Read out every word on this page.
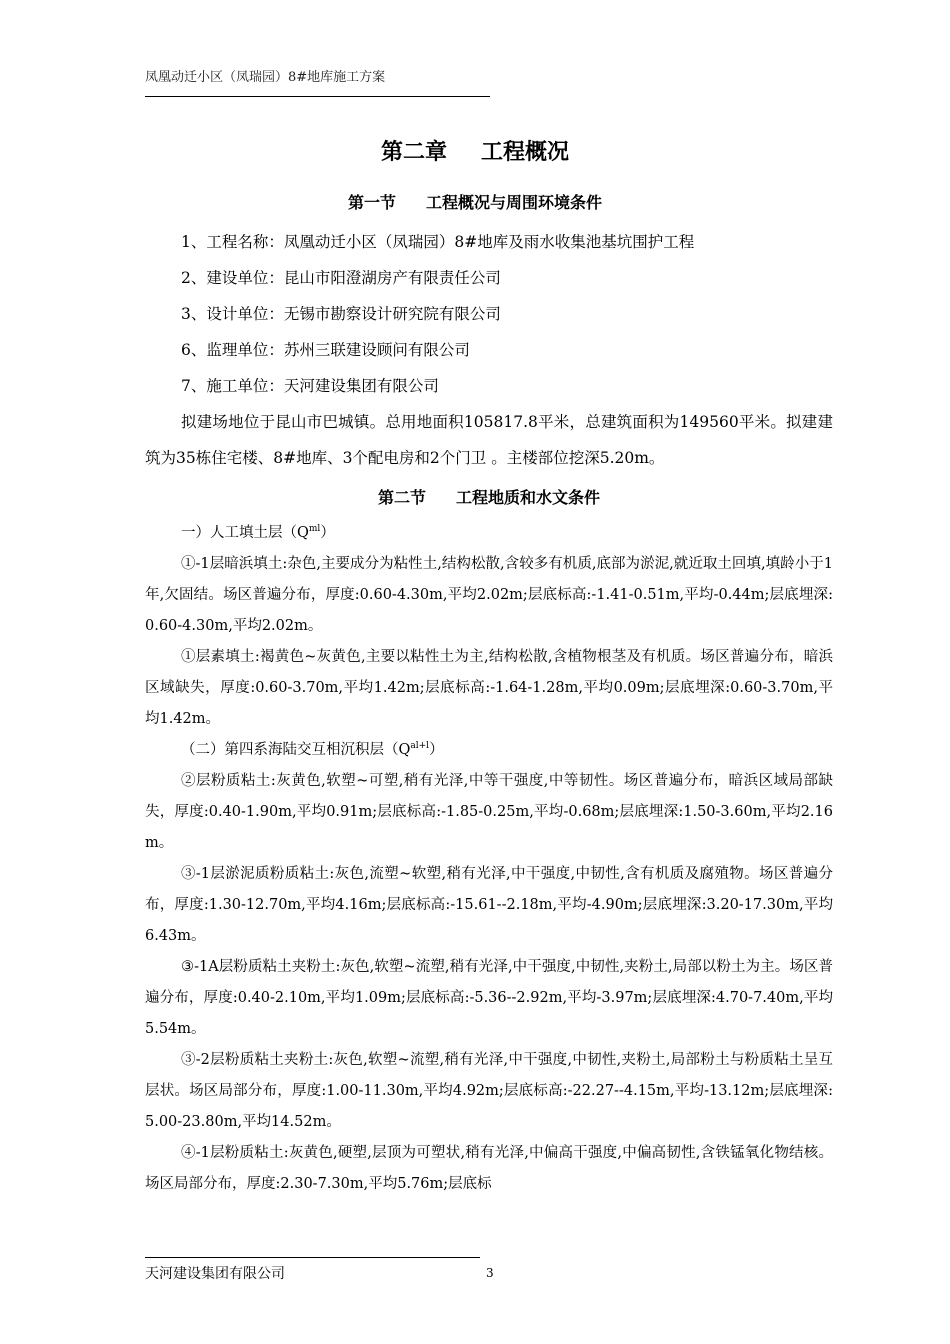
凤凰动迁小区（凤瑞园）8#地库施工方案
第二章 工程概况
第一节 工程概况与周围环境条件

1、工程名称：凤凰动迁小区（凤瑞园）8#地库及雨水收集池基坑围护工程

2、建设单位：昆山市阳澄湖房产有限责任公司

3、设计单位：无锡市勘察设计研究院有限公司

6、监理单位：苏州三联建设顾问有限公司

7、施工单位：天河建设集团有限公司

拟建场地位于昆山市巴城镇。总用地面积105817.8平米，总建筑面积为149560平米。拟建建筑为35栋住宅楼、8#地库、3个配电房和2个门卫 。主楼部位挖深5.20m。

第二节 工程地质和水文条件

一）人工填土层$(Q^{ml})$

①-1层暗浜填土:杂色,主要成分为粘性土,结构松散,含较多有机质,底部为淤泥,就近取土回填,填龄小于1年,欠固结。场区普遍分布，厚度:0.60-4.30m,平均2.02m;层底标高:-1.41-0.51m,平均-0.44m;层底埋深:0.60-4.30m,平均2.02m。

①层素填土:褐黄色~灰黄色,主要以粘性土为主,结构松散,含植物根茎及有机质。场区普遍分布，暗浜区域缺失，厚度:0.60-3.70m,平均1.42m;层底标高:-1.64-1.28m,平均0.09m;层底埋深:0.60-3.70m,平均1.42m。

（二）第四系海陆交互相沉积层$(Q^{al+l})$

②层粉质粘土:灰黄色,软塑~可塑,稍有光泽,中等干强度,中等韧性。场区普遍分布，暗浜区域局部缺失，厚度:0.40-1.90m,平均0.91m;层底标高:-1.85-0.25m,平均-0.68m;层底埋深:1.50-3.60m,平均2.16m。

③-1层淤泥质粉质粘土:灰色,流塑~软塑,稍有光泽,中干强度,中韧性,含有机质及腐殖物。场区普遍分布，厚度:1.30-12.70m,平均4.16m;层底标高:-15.61--2.18m,平均-4.90m;层底埋深:3.20-17.30m,平均6.43m。

③-1A层粉质粘土夹粉土:灰色,软塑~流塑,稍有光泽,中干强度,中韧性,夹粉土,局部以粉土为主。场区普遍分布，厚度:0.40-2.10m,平均1.09m;层底标高:-5.36--2.92m,平均-3.97m;层底埋深:4.70-7.40m,平均5.54m。

③-2层粉质粘土夹粉土:灰色,软塑~流塑,稍有光泽,中干强度,中韧性,夹粉土,局部粉土与粉质粘土呈互层状。场区局部分布，厚度:1.00-11.30m,平均4.92m;层底标高:-22.27--4.15m,平均-13.12m;层底埋深:5.00-23.80m,平均14.52m。

④-1层粉质粘土:灰黄色,硬塑,层顶为可塑状,稍有光泽,中偏高干强度,中偏高韧性,含铁锰氧化物结核。场区局部分布，厚度:2.30-7.30m,平均5.76m;层底标

天河建设集团有限公司	3
